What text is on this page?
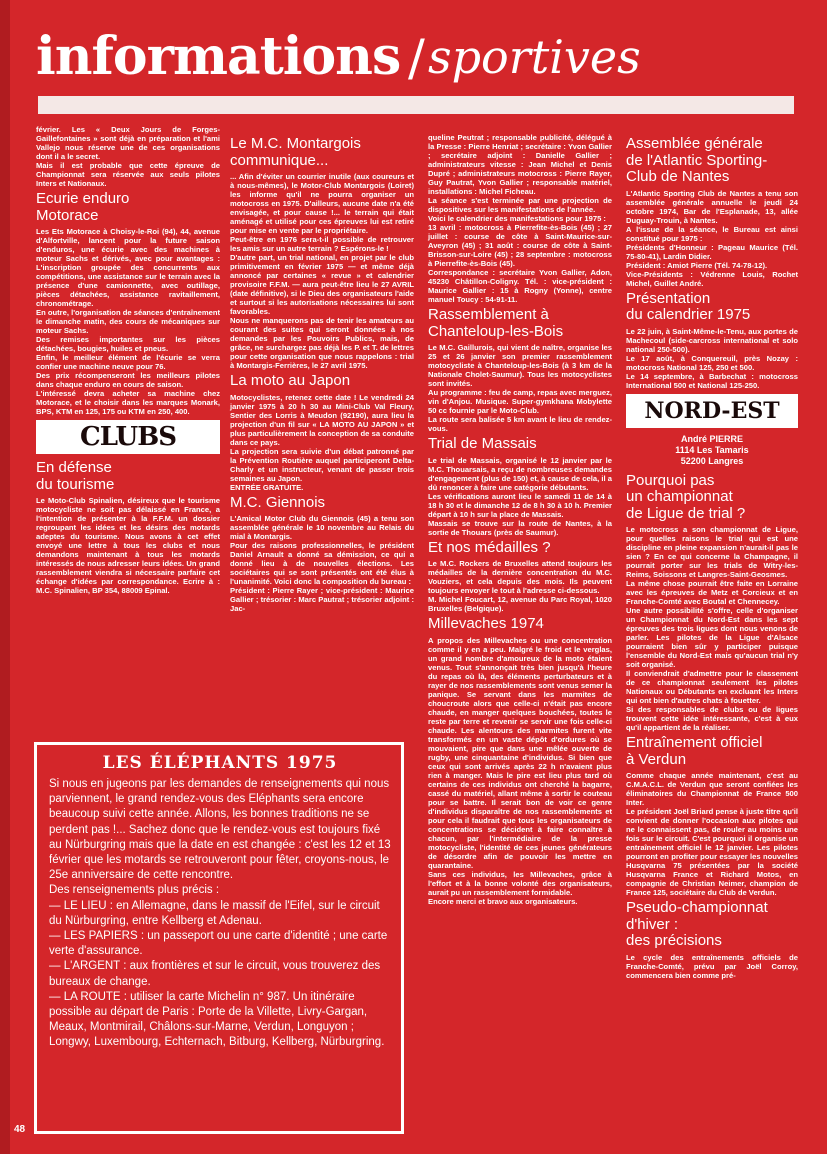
informations / sportives

février. Les « Deux Jours de Forges-Gaillefontaines » sont déjà en préparation et l'ami Vallejo nous réserve une de ces organisations dont il a le secret.
Mais il est probable que cette épreuve de Championnat sera réservée aux seuls pilotes Inters et Nationaux.

Ecurie enduro
Motorace

Les Ets Motorace à Choisy-le-Roi (94), 44, avenue d'Alfortville, lancent pour la future saison d'enduros, une écurie avec des machines à moteur Sachs et dérivés, avec pour avantages : L'inscription groupée des concurrents aux compétitions, une assistance sur le terrain avec la présence d'une camionnette, avec outillage, pièces détachées, assistance ravitaillement, chronométrage.
En outre, l'organisation de séances d'entraînement le dimanche matin, des cours de mécaniques sur moteur Sachs.
Des remises importantes sur les pièces détachées, bougies, huiles et pneus.
Enfin, le meilleur élément de l'écurie se verra confier une machine neuve pour 76.
Des prix récompenseront les meilleurs pilotes dans chaque enduro en cours de saison.
L'intéressé devra acheter sa machine chez Motorace, et le choisir dans les marques Monark, BPS, KTM en 125, 175 ou KTM en 250, 400.

CLUBS
En défense
du tourisme

Le Moto-Club Spinalien, désireux que le tourisme motocycliste ne soit pas délaissé en France, a l'intention de présenter à la F.F.M. un dossier regroupant les idées et les désirs des motards adeptes du tourisme. Nous avons à cet effet envoyé une lettre à tous les clubs et nous demandons maintenant à tous les motards intéressés de nous adresser leurs idées. Un grand rassemblement viendra si nécessaire parfaire cet échange d'idées par correspondance. Ecrire à : M.C. Spinalien, BP 354, 88009 Epinal.

Le M.C. Montargois
communique...

... Afin d'éviter un courrier inutile (aux coureurs et à nous-mêmes), le Motor-Club Montargois (Loiret) les informe qu'il ne pourra organiser un motocross en 1975. D'ailleurs, aucune date n'a été envisagée, et pour cause !... le terrain qui était aménagé et utilisé pour ces épreuves lui est retiré pour mise en vente par le propriétaire.
Peut-être en 1976 sera-t-il possible de retrouver les amis sur un autre terrain ? Espérons-le !
D'autre part, un trial national, en projet par le club primitivement en février 1975 — et même déjà annoncé par certaines « revue » et calendrier provisoire F.F.M. — aura peut-être lieu le 27 AVRIL (date définitive), si le Dieu des organisateurs l'aide et surtout si les autorisations nécessaires lui sont favorables.
Nous ne manquerons pas de tenir les amateurs au courant des suites qui seront données à nos demandes par les Pouvoirs Publics, mais, de grâce, ne surchargez pas déjà les P. et T. de lettres pour cette organisation que nous rappelons : trial à Montargis-Ferrières, le 27 avril 1975.

La moto au Japon

Motocyclistes, retenez cette date ! Le vendredi 24 janvier 1975 à 20 h 30 au Mini-Club Val Fleury, Sentier des Lorris à Meudon (92190), aura lieu la projection d'un fil sur « LA MOTO AU JAPON » et plus particulièrement la conception de sa conduite dans ce pays.
La projection sera suivie d'un débat patronné par la Prévention Routière auquel participeront Delta-Charly et un instructeur, venant de passer trois semaines au Japon.
ENTRÉE GRATUITE.

M.C. Giennois

L'Amical Motor Club du Giennois (45) a tenu son assemblée générale le 10 novembre au Relais du mial à Montargis.
Pour des raisons professionnelles, le président Daniel Arnault a donné sa démission, ce qui a donné lieu à de nouvelles élections. Les sociétaires qui se sont présentés ont été élus à l'unanimité. Voici donc la composition du bureau :
Président : Pierre Rayer ; vice-président : Maurice Gallier ; trésorier : Marc Pautrat ; trésorier adjoint : Jac-

queline Peutrat ; responsable publicité, délégué à la Presse : Pierre Henriat ; secrétaire : Yvon Gallier ; secrétaire adjoint : Danielle Gallier ; administrateurs vitesse : Jean Michel et Denis Dupré ; administrateurs motocross : Pierre Rayer, Guy Pautrat, Yvon Gallier ; responsable matériel, installations : Michel Ficheau.
La séance s'est terminée par une projection de dispositives sur les manifestations de l'année.
Voici le calendrier des manifestations pour 1975 :
13 avril : motocross à Pierrefite-ès-Bois (45) ; 27 juillet : course de côte à Saint-Maurice-sur-Aveyron (45) ; 31 août : course de côte à Saint-Brisson-sur-Loire (45) ; 28 septembre : motocross à Pierrefite-ès-Bois (45).
Correspondance : secrétaire Yvon Gallier, Adon, 45230 Châtillon-Coligny. Tél. : vice-président : Maurice Gallier : 15 à Rogny (Yonne), centre manuel Toucy : 54-91-11.

Rassemblement à
Chanteloup-les-Bois

Le M.C. Gaillurois, qui vient de naître, organise les 25 et 26 janvier son premier rassemblement motocycliste à Chanteloup-les-Bois (à 3 km de la Nationale Cholet-Saumur). Tous les motocyclistes sont invités.
Au programme : feu de camp, repas avec merguez, vin d'Anjou. Musique. Super-gymkhana Mobylette 50 cc fournie par le Moto-Club.
La route sera balisée 5 km avant le lieu de rendez-vous.

Trial de Massais

Le trial de Massais, organisé le 12 janvier par le M.C. Thouarsais, a reçu de nombreuses demandes d'engagement (plus de 150) et, à cause de cela, il a dû renoncer à faire une catégorie débutants.
Les vérifications auront lieu le samedi 11 de 14 à 18 h 30 et le dimanche 12 de 8 h 30 à 10 h. Premier départ à 10 h sur la place de Massais.
Massais se trouve sur la route de Nantes, à la sortie de Thouars (près de Saumur).

Et nos médailles ?

Le M.C. Rockers de Bruxelles attend toujours les médailles de la dernière concentration du M.C. Vouziers, et cela depuis des mois. Ils peuvent toujours envoyer le tout à l'adresse ci-dessous.
M. Michel Foucart, 12, avenue du Parc Royal, 1020 Bruxelles (Belgique).

Millevaches 1974

A propos des Millevaches ou une concentration comme il y en a peu. Malgré le froid et le verglas, un grand nombre d'amoureux de la moto étaient venus. Tout s'annonçait très bien jusqu'à l'heure du repas où là, des éléments perturbateurs et à rayer de nos rassemblements sont venus semer la panique. Se servant dans les marmites de choucroute alors que celle-ci n'était pas encore chaude, en manger quelques bouchées, toutes le reste par terre et revenir se servir une fois celle-ci chaude. Les alentours des marmites furent vite transformés en un vaste dépôt d'ordures où se mouvaient, pire que dans une mêlée ouverte de rugby, une cinquantaine d'individus. Si bien que ceux qui sont arrivés après 22 h n'avaient plus rien à manger. Mais le pire est lieu plus tard où certains de ces individus ont cherché la bagarre, cassé du matériel, allant même à sortir le couteau pour se battre. Il serait bon de voir ce genre d'individus disparaître de nos rassemblements et pour cela il faudrait que tous les organisateurs de concentrations se décident à faire connaître à chacun, par l'intermédiaire de la presse motocycliste, l'identité de ces jeunes générateurs de désordre afin de pouvoir les mettre en quarantaine.
Sans ces individus, les Millevaches, grâce à l'effort et à la bonne volonté des organisateurs, aurait pu un rassemblement formidable.
Encore merci et bravo aux organisateurs.

Assemblée générale
de l'Atlantic Sporting-
Club de Nantes

L'Atlantic Sporting Club de Nantes a tenu son assemblée générale annuelle le jeudi 24 octobre 1974, Bar de l'Esplanade, 13, allée Duguay-Trouin, à Nantes.
A l'issue de la séance, le Bureau est ainsi constitué pour 1975 :
Présidents d'Honneur : Pageau Maurice (Tél. 75-80-41), Lardin Didier.
Président : Amiot Pierre (Tél. 74-78-12).
Vice-Présidents : Védrenne Louis, Rochet Michel, Guillet André.

Présentation
du calendrier 1975

Le 22 juin, à Saint-Même-le-Tenu, aux portes de Machecoul (side-carcross international et solo national 250-500).
Le 17 août, à Conquereuil, près Nozay : motocross National 125, 250 et 500.
Le 14 septembre, à Barbechat : motocross International 500 et National 125-250.

NORD-EST
André PIERRE
1114 Les Tamaris
52200 Langres
Pourquoi pas
un championnat
de Ligue de trial ?

Le motocross a son championnat de Ligue, pour quelles raisons le trial qui est une discipline en pleine expansion n'aurait-il pas le sien ? En ce qui concerne la Champagne, il pourrait porter sur les trials de Witry-les-Reims, Soissons et Langres-Saint-Geosmes.
La même chose pourrait être faite en Lorraine avec les épreuves de Metz et Corcieux et en Franche-Comté avec Boutal et Chennecey.
Une autre possibilité s'offre, celle d'organiser un Championnat du Nord-Est dans les sept épreuves des trois ligues dont nous venons de parler. Les pilotes de la Ligue d'Alsace pourraient bien sûr y participer puisque l'ensemble du Nord-Est mais qu'aucun trial n'y soit organisé.
Il conviendrait d'admettre pour le classement de ce championnat seulement les pilotes Nationaux ou Débutants en excluant les Inters qui ont bien d'autres chats à fouetter.
Si des responsables de clubs ou de ligues trouvent cette idée intéressante, c'est à eux qu'il appartient de la réaliser.

Entraînement officiel
à Verdun

Comme chaque année maintenant, c'est au C.M.A.C.L. de Verdun que seront confiées les éliminatoires du Championnat de France 500 Inter.
Le président Joël Briard pense à juste titre qu'il convient de donner l'occasion aux pilotes qui ne le connaissent pas, de rouler au moins une fois sur le circuit. C'est pourquoi il organise un entraînement officiel le 12 janvier. Les pilotes pourront en profiter pour essayer les nouvelles Husqvarna 75 présentées par la société Husqvarna France et Richard Motos, en compagnie de Christian Neimer, champion de France 125, sociétaire du Club de Verdun.

Pseudo-championnat
d'hiver :
des précisions

Le cycle des entraînements officiels de Franche-Comté, prévu par Joël Corroy, commencera bien comme pré-

LES ÉLÉPHANTS 1975

Si nous en jugeons par les demandes de renseignements qui nous parviennent, le grand rendez-vous des Eléphants sera encore beaucoup suivi cette année. Allons, les bonnes traditions ne se perdent pas !... Sachez donc que le rendez-vous est toujours fixé au Nürburgring mais que la date en est changée : c'est les 12 et 13 février que les motards se retrouveront pour fêter, croyons-nous, le 25e anniversaire de cette rencontre.
Des renseignements plus précis :
— LE LIEU : en Allemagne, dans le massif de l'Eifel, sur le circuit du Nürburgring, entre Kellberg et Adenau.
— LES PAPIERS : un passeport ou une carte d'identité ; une carte verte d'assurance.
— L'ARGENT : aux frontières et sur le circuit, vous trouverez des bureaux de change.
— LA ROUTE : utiliser la carte Michelin n° 987. Un itinéraire possible au départ de Paris : Porte de la Villette, Livry-Gargan, Meaux, Montmirail, Châlons-sur-Marne, Verdun, Longuyon ; Longwy, Luxembourg, Echternach, Bitburg, Kellberg, Nürburgring.

48
